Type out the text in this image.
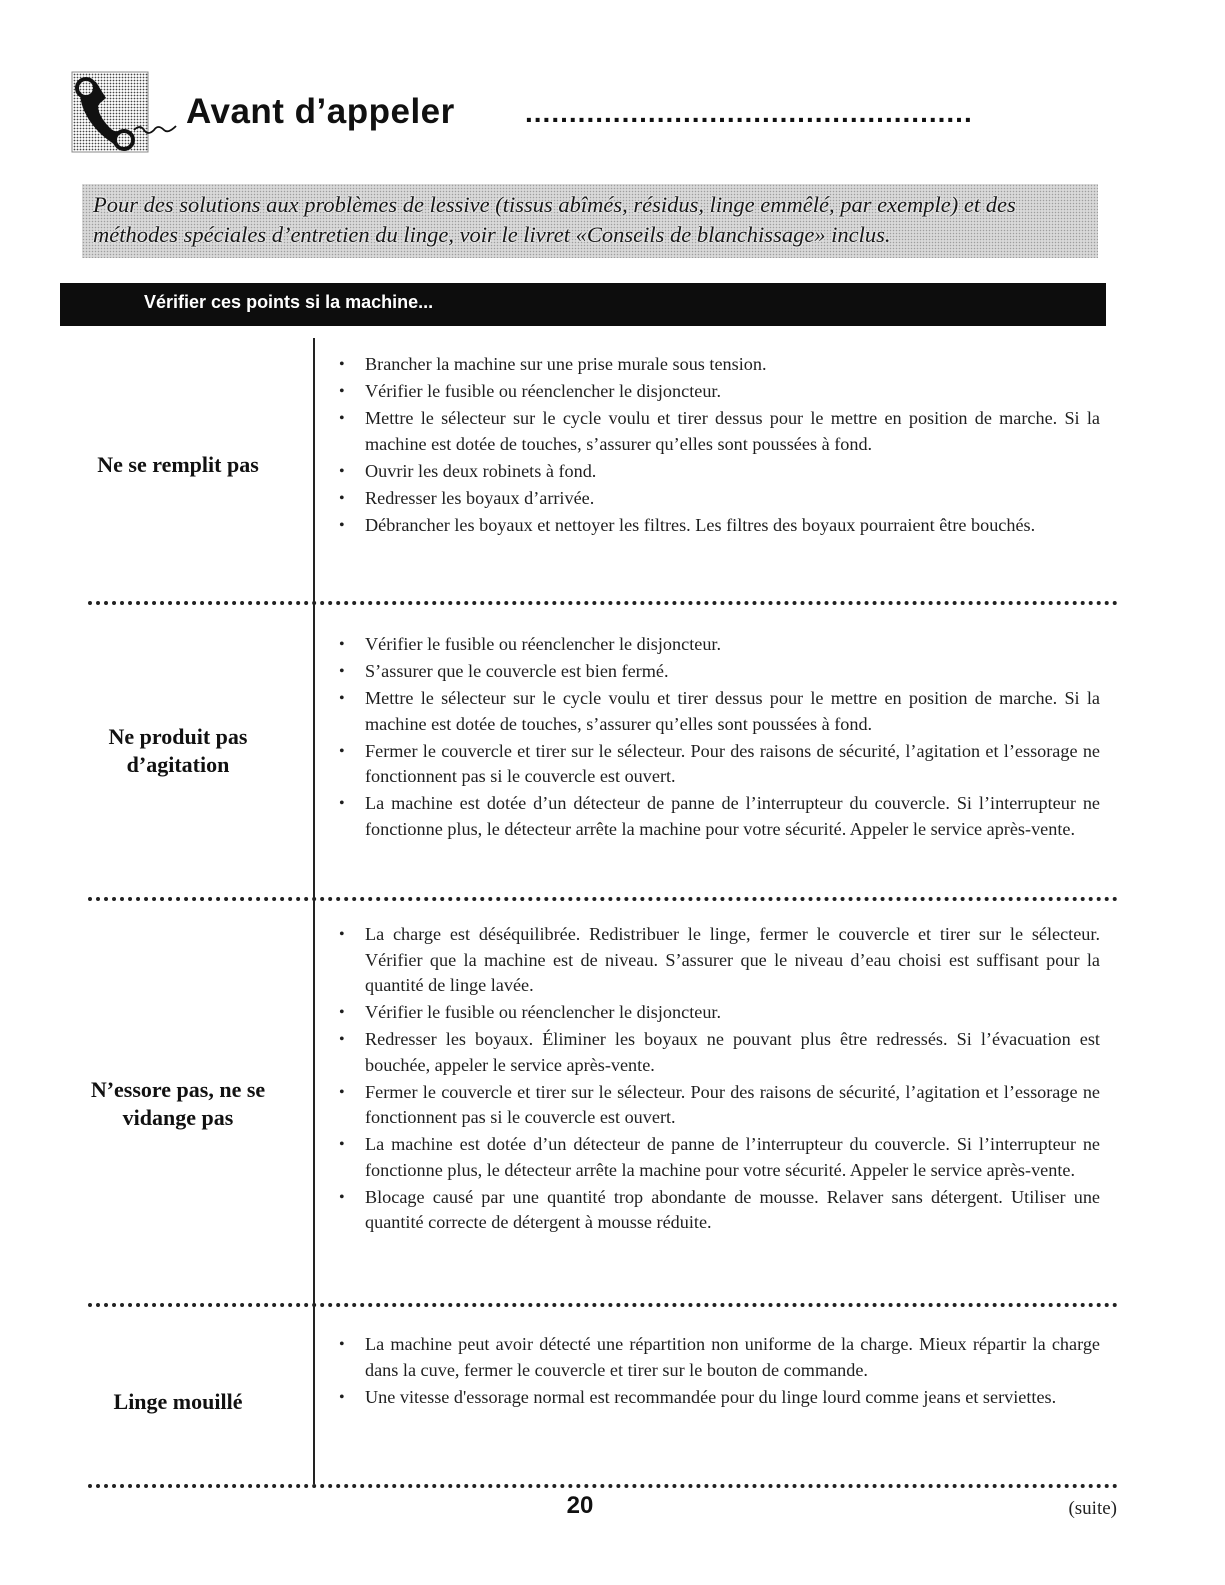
Avant d’appeler	...................................................
Pour des solutions aux problèmes de lessive (tissus abîmés, résidus, linge emmêlé, par exemple) et des méthodes spéciales d’entretien du linge, voir le livret «Conseils de blanchissage» inclus.
Vérifier ces points si la machine...
Ne se remplit pas
• Brancher la machine sur une prise murale sous tension.
• Vérifier le fusible ou réenclencher le disjoncteur.
• Mettre le sélecteur sur le cycle voulu et tirer dessus pour le mettre en position de marche. Si la machine est dotée de touches, s’assurer qu’elles sont poussées à fond.
• Ouvrir les deux robinets à fond.
• Redresser les boyaux d’arrivée.
• Débrancher les boyaux et nettoyer les filtres. Les filtres des boyaux pourraient être bouchés.
Ne produit pas d’agitation
• Vérifier le fusible ou réenclencher le disjoncteur.
• S’assurer que le couvercle est bien fermé.
• Mettre le sélecteur sur le cycle voulu et tirer dessus pour le mettre en position de marche. Si la machine est dotée de touches, s’assurer qu’elles sont poussées à fond.
• Fermer le couvercle et tirer sur le sélecteur. Pour des raisons de sécurité, l’agitation et l’essorage ne fonctionnent pas si le couvercle est ouvert.
• La machine est dotée d’un détecteur de panne de l’interrupteur du couvercle. Si l’interrupteur ne fonctionne plus, le détecteur arrête la machine pour votre sécurité. Appeler le service après-vente.
N’essore pas, ne se vidange pas
• La charge est déséquilibrée. Redistribuer le linge, fermer le couvercle et tirer sur le sélecteur. Vérifier que la machine est de niveau. S’assurer que le niveau d’eau choisi est suffisant pour la quantité de linge lavée.
• Vérifier le fusible ou réenclencher le disjoncteur.
• Redresser les boyaux. Éliminer les boyaux ne pouvant plus être redressés. Si l’évacuation est bouchée, appeler le service après-vente.
• Fermer le couvercle et tirer sur le sélecteur. Pour des raisons de sécurité, l’agitation et l’essorage ne fonctionnent pas si le couvercle est ouvert.
• La machine est dotée d’un détecteur de panne de l’interrupteur du couvercle. Si l’interrupteur ne fonctionne plus, le détecteur arrête la machine pour votre sécurité. Appeler le service après-vente.
• Blocage causé par une quantité trop abondante de mousse. Relaver sans détergent. Utiliser une quantité correcte de détergent à mousse réduite.
Linge mouillé
• La machine peut avoir détecté une répartition non uniforme de la charge. Mieux répartir la charge dans la cuve, fermer le couvercle et tirer sur le bouton de commande.
• Une vitesse d'essorage normal est recommandée pour du linge lourd comme jeans et serviettes.
20	(suite)
